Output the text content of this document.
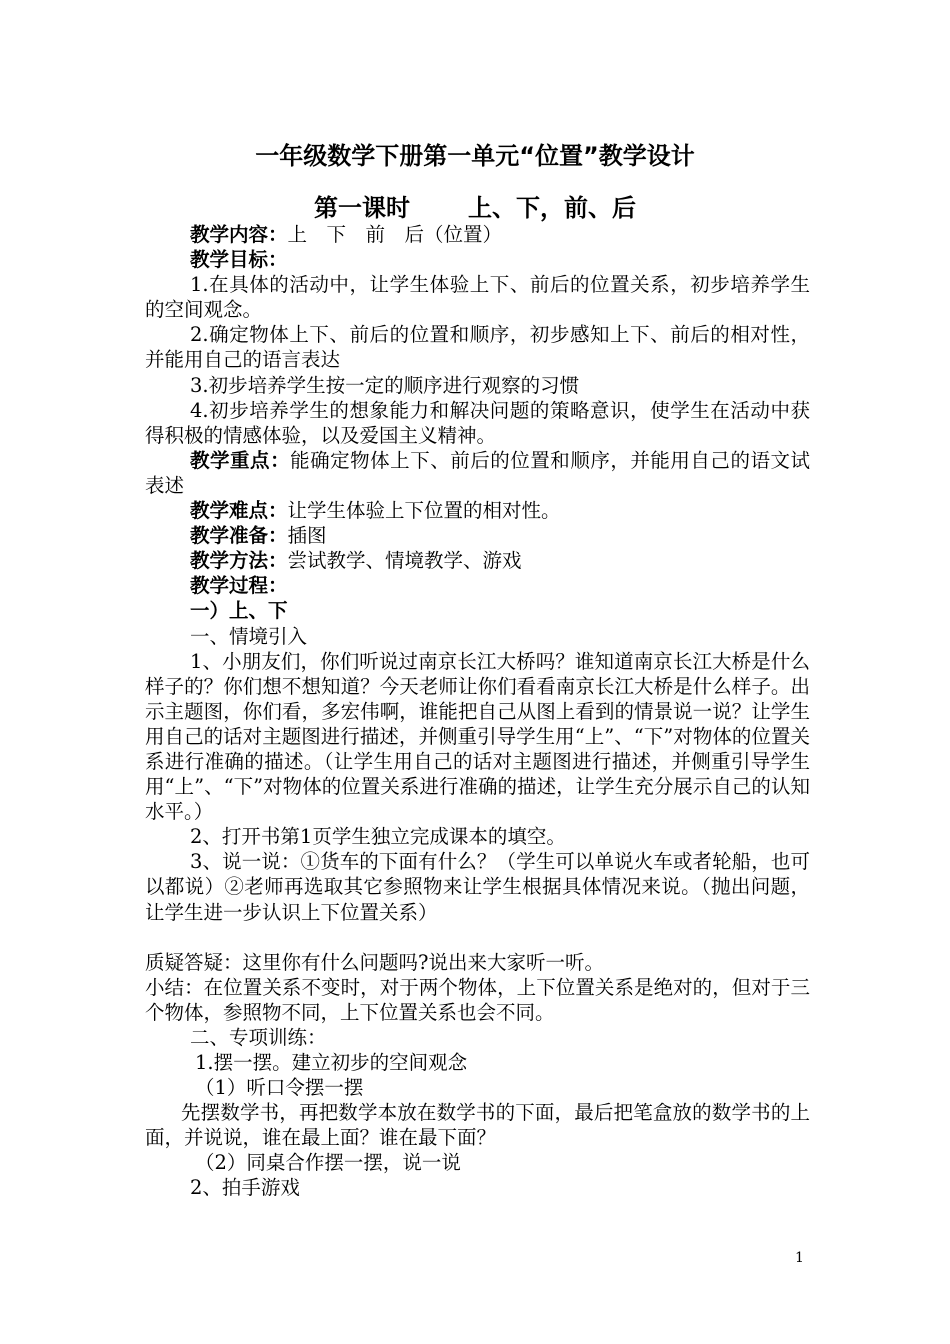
一年级数学下册第一单元“位置”教学设计
第一课时 上、下，前、后

教学内容：上　下　前　后（位置）

教学目标：

1.在具体的活动中，让学生体验上下、前后的位置关系，初步培养学生的空间观念。

2.确定物体上下、前后的位置和顺序，初步感知上下、前后的相对性，并能用自己的语言表达

3.初步培养学生按一定的顺序进行观察的习惯

4.初步培养学生的想象能力和解决问题的策略意识，使学生在活动中获得积极的情感体验，以及爱国主义精神。

教学重点：能确定物体上下、前后的位置和顺序，并能用自己的语文试表述

教学难点：让学生体验上下位置的相对性。

教学准备：插图

教学方法：尝试教学、情境教学、游戏

教学过程：

一）上、下

一、情境引入

1、小朋友们，你们听说过南京长江大桥吗？谁知道南京长江大桥是什么样子的？你们想不想知道？今天老师让你们看看南京长江大桥是什么样子。出示主题图，你们看，多宏伟啊，谁能把自己从图上看到的情景说一说？让学生用自己的话对主题图进行描述，并侧重引导学生用“上”、“下”对物体的位置关系进行准确的描述。（让学生用自己的话对主题图进行描述，并侧重引导学生用“上”、“下”对物体的位置关系进行准确的描述，让学生充分展示自己的认知水平。）

2、打开书第1页学生独立完成课本的填空。

3、说一说：①货车的下面有什么？（学生可以单说火车或者轮船，也可以都说）②老师再选取其它参照物来让学生根据具体情况来说。（抛出问题，让学生进一步认识上下位置关系）

质疑答疑：这里你有什么问题吗?说出来大家听一听。

小结：在位置关系不变时，对于两个物体，上下位置关系是绝对的，但对于三个物体，参照物不同，上下位置关系也会不同。

二、专项训练：

1.摆一摆。建立初步的空间观念

（1）听口令摆一摆

先摆数学书，再把数学本放在数学书的下面，最后把笔盒放的数学书的上面，并说说，谁在最上面？谁在最下面？

（2）同桌合作摆一摆，说一说

2、拍手游戏

1
